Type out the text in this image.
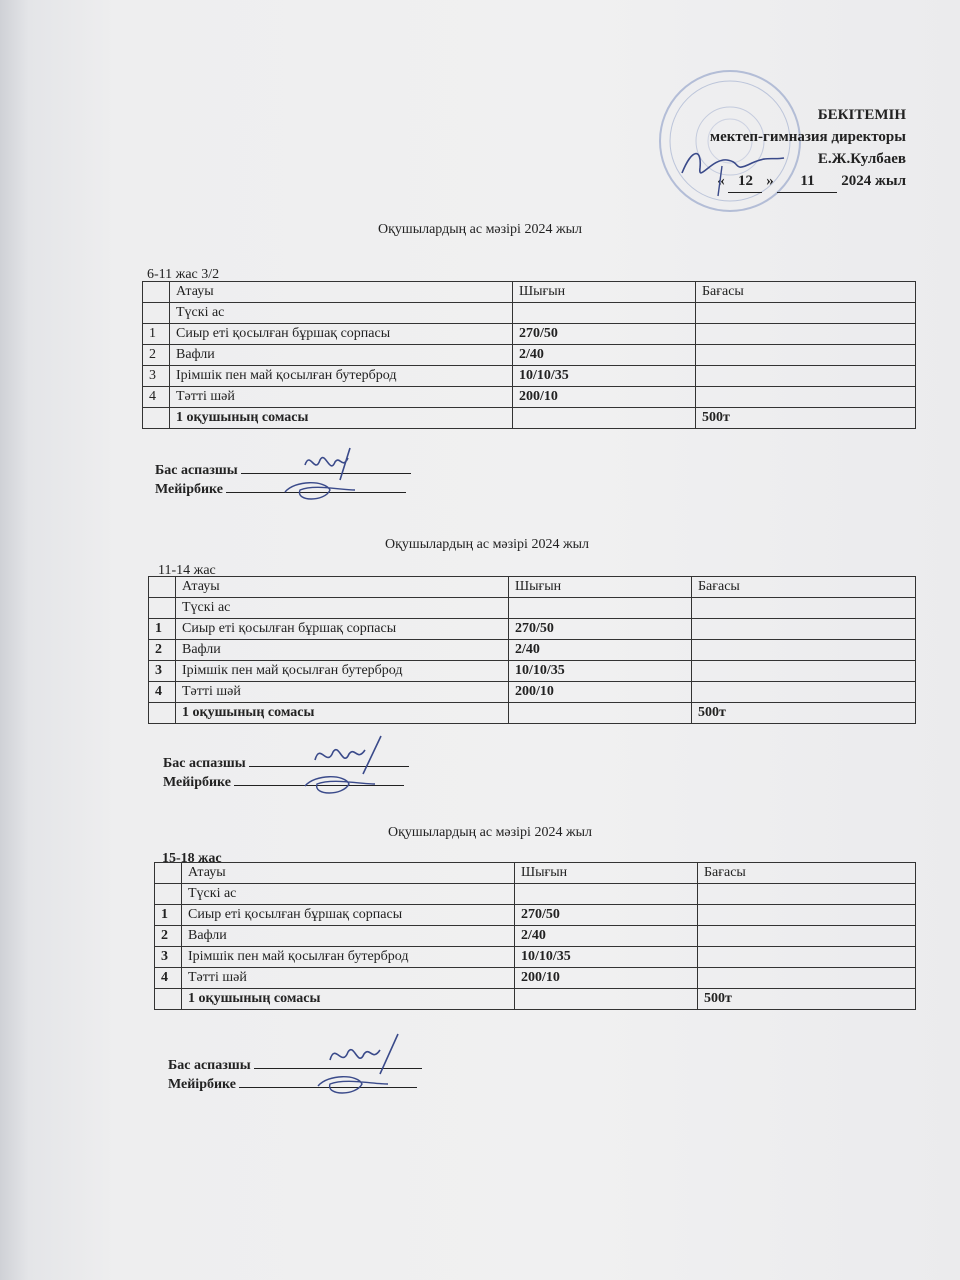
БЕКІТЕМІН
мектеп-гимназия директоры
Е.Ж.Кулбаев
« 12 » 11 2024 жыл
Оқушылардың ас мәзірі 2024 жыл
6-11 жас 3/2
	Атауы	Шығын	Бағасы
	Түскі ас		
1	Сиыр еті қосылған бұршақ сорпасы	270/50	
2	Вафли	2/40	
3	Ірімшік пен май қосылған бутерброд	10/10/35	
4	Тәтті шәй	200/10	
	1 оқушының сомасы		500т
Бас аспазшы
Мейірбике
Оқушылардың ас мәзірі 2024 жыл
11-14 жас
	Атауы	Шығын	Бағасы
	Түскі ас		
1	Сиыр еті қосылған бұршақ сорпасы	270/50	
2	Вафли	2/40	
3	Ірімшік пен май қосылған бутерброд	10/10/35	
4	Тәтті шәй	200/10	
	1 оқушының сомасы		500т
Бас аспазшы
Мейірбике
Оқушылардың ас мәзірі 2024 жыл
15-18 жас
	Атауы	Шығын	Бағасы
	Түскі ас		
1	Сиыр еті қосылған бұршақ сорпасы	270/50	
2	Вафли	2/40	
3	Ірімшік пен май қосылған бутерброд	10/10/35	
4	Тәтті шәй	200/10	
	1 оқушының сомасы		500т
Бас аспазшы
Мейірбике
